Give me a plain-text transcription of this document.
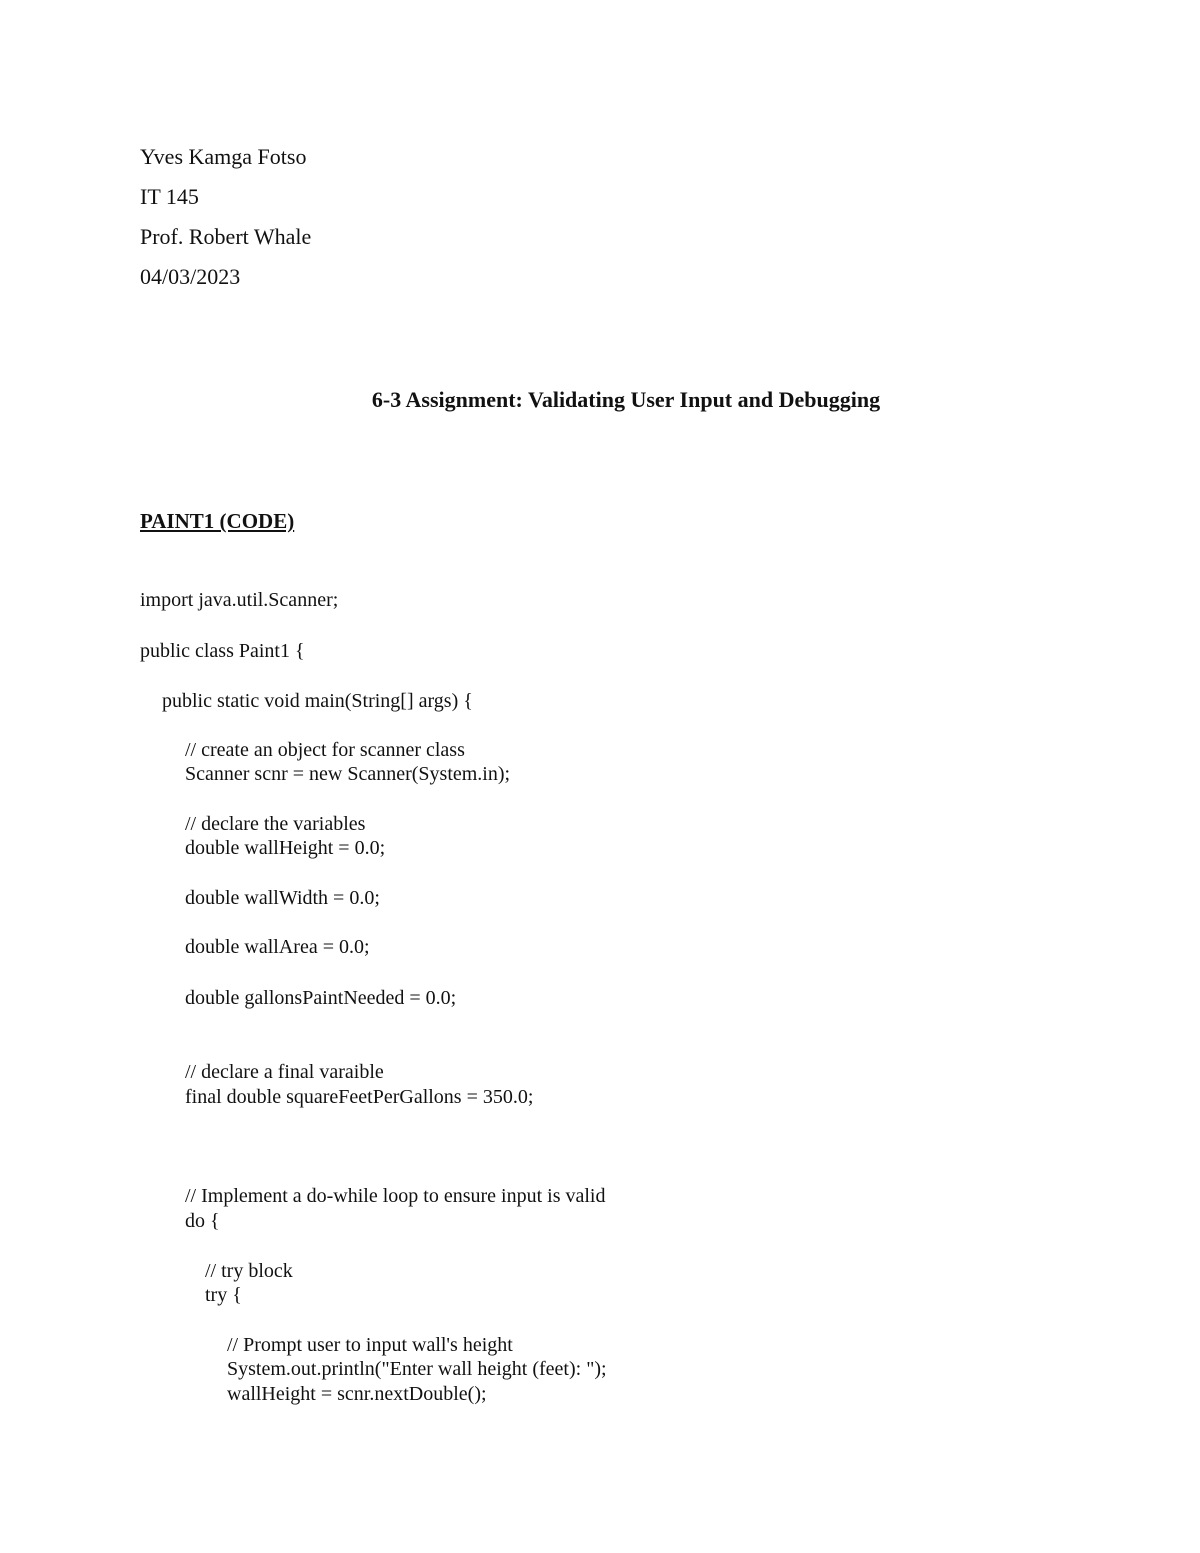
Yves Kamga Fotso
IT 145
Prof. Robert Whale
04/03/2023
6-3 Assignment: Validating User Input and Debugging
PAINT1 (CODE)
import java.util.Scanner;
public class Paint1 {
public static void main(String[] args) {
// create an object for scanner class
Scanner scnr = new Scanner(System.in);
// declare the variables
double wallHeight = 0.0;
double wallWidth = 0.0;
double wallArea = 0.0;
double gallonsPaintNeeded = 0.0;
// declare a final varaible
final double squareFeetPerGallons = 350.0;
// Implement a do-while loop to ensure input is valid
do {
// try block
try {
// Prompt user to input wall's height
System.out.println("Enter wall height (feet): ");
wallHeight = scnr.nextDouble();
